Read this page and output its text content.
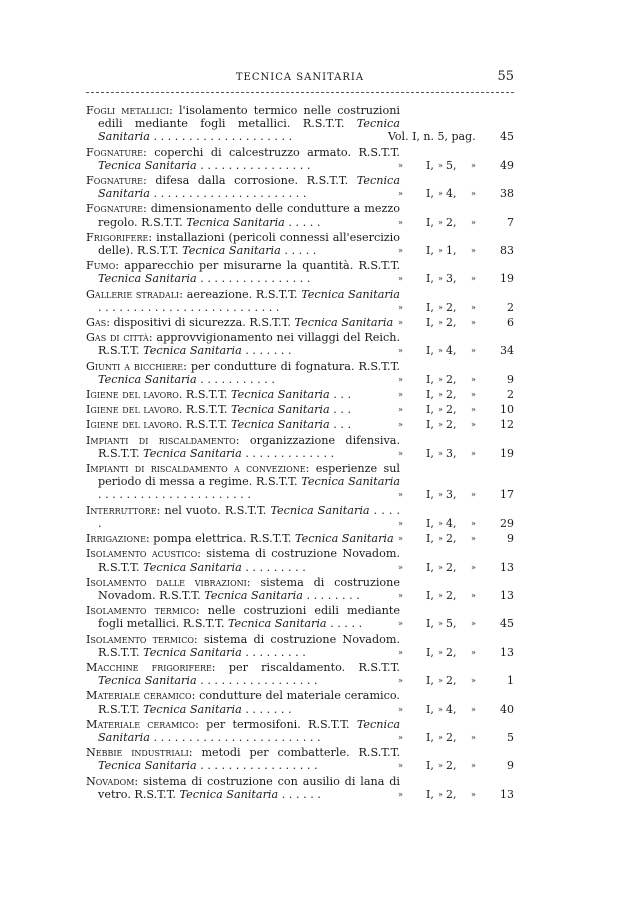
TECNICA SANITARIA	55
Fogli metallici: l'isolamento termico nelle costruzioni edili mediante fogli metallici. R.S.T.T. Tecnica Sanitaria . . . . . . . . . . . . . . . . . . . .	Vol. I, n. 5, pag. 45
Fognature: coperchi di calcestruzzo armato. R.S.T.T. Tecnica Sanitaria . . . . . . . . . . . . . . . .	» I, » 5, » 49
Fognature: difesa dalla corrosione. R.S.T.T. Tecnica Sanitaria . . . . . . . . . . . . . . . . . . . . . .	» I, » 4, » 38
Fognature: dimensionamento delle condutture a mezzo regolo. R.S.T.T. Tecnica Sanitaria . . . . .	» I, » 2, »	7
Frigorifere: installazioni (pericoli connessi all'esercizio delle). R.S.T.T. Tecnica Sanitaria . . . . .	» I, » 1, » 83
Fumo: apparecchio per misurarne la quantità. R.S.T.T. Tecnica Sanitaria . . . . . . . . . . . . . . . .	» I, » 3, » 19
Gallerie stradali: aereazione. R.S.T.T. Tecnica Sanitaria . . . . . . . . . . . . . . . . . . . . . . . . . .	» I, » 2, »	2
Gas: dispositivi di sicurezza. R.S.T.T. Tecnica Sanitaria » I, » 2, »	6
Gas di città: approvvigionamento nei villaggi del Reich. R.S.T.T. Tecnica Sanitaria . . . . . . .	» I, » 4, » 34
Giunti a bicchiere: per condutture di fognatura. R.S.T.T. Tecnica Sanitaria . . . . . . . . . . .	» I, » 2, »	9
Igiene del lavoro. R.S.T.T. Tecnica Sanitaria . . .	» I, » 2, »	2
Igiene del lavoro. R.S.T.T. Tecnica Sanitaria . . .	» I, » 2, » 10
Igiene del lavoro. R.S.T.T. Tecnica Sanitaria . . .	» I, » 2, » 12
Impianti di riscaldamento: organizzazione difensiva. R.S.T.T. Tecnica Sanitaria . . . . . . . . . . . . .	» I, » 3, » 19
Impianti di riscaldamento a convezione: esperienze sul periodo di messa a regime. R.S.T.T. Tecnica Sanitaria . . . . . . . . . . . . . . . . . . . . . .	» I, » 3, » 17
Interruttore: nel vuoto. R.S.T.T. Tecnica Sanitaria . . . . .	» I, » 4, » 29
Irrigazione: pompa elettrica. R.S.T.T. Tecnica Sanitaria » I, » 2, »	9
Isolamento acustico: sistema di costruzione Novadom. R.S.T.T. Tecnica Sanitaria . . . . . . . . .	» I, » 2, » 13
Isolamento dalle vibrazioni: sistema di costruzione Novadom. R.S.T.T. Tecnica Sanitaria . . . . . . . .	» I, » 2, » 13
Isolamento termico: nelle costruzioni edili mediante fogli metallici. R.S.T.T. Tecnica Sanitaria . . . . .	» I, » 5, » 45
Isolamento termico: sistema di costruzione Novadom. R.S.T.T. Tecnica Sanitaria . . . . . . . . .	» I, » 2, » 13
Macchine frigorifere: per riscaldamento. R.S.T.T. Tecnica Sanitaria . . . . . . . . . . . . . . . . .	» I, » 2, »	1
Materiale ceramico: condutture del materiale ceramico. R.S.T.T. Tecnica Sanitaria . . . . . . .	» I, » 4, » 40
Materiale ceramico: per termosifoni. R.S.T.T. Tecnica Sanitaria . . . . . . . . . . . . . . . . . . . . . . . .	» I, » 2, »	5
Nebbie industriali: metodi per combatterle. R.S.T.T. Tecnica Sanitaria . . . . . . . . . . . . . . . . .	» I, » 2, »	9
Novadom: sistema di costruzione con ausilio di lana di vetro. R.S.T.T. Tecnica Sanitaria . . . . . .	» I, » 2, » 13
